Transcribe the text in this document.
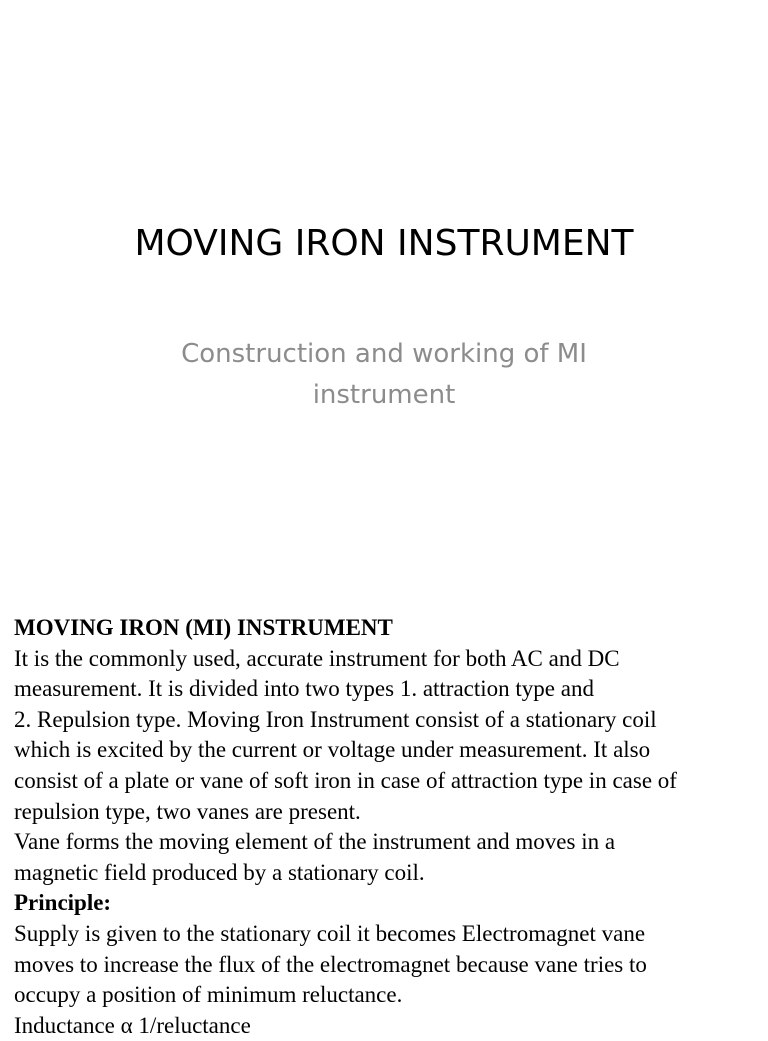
MOVING IRON INSTRUMENT
Construction and working of MI instrument

MOVING IRON (MI) INSTRUMENT

It is the commonly used, accurate instrument for both AC and DC

measurement. It is divided into two types 1. attraction type and

2. Repulsion type. Moving Iron Instrument consist of a stationary coil

which is excited by the current or voltage under measurement. It also

consist of a plate or vane of soft iron in case of attraction type in case of

repulsion type, two vanes are present.

Vane forms the moving element of the instrument and moves in a

magnetic field produced by a stationary coil.

Principle:

Supply is given to the stationary coil it becomes Electromagnet vane

moves to increase the flux of the electromagnet because vane tries to

occupy a position of minimum reluctance.

Inductance α 1/reluctance
